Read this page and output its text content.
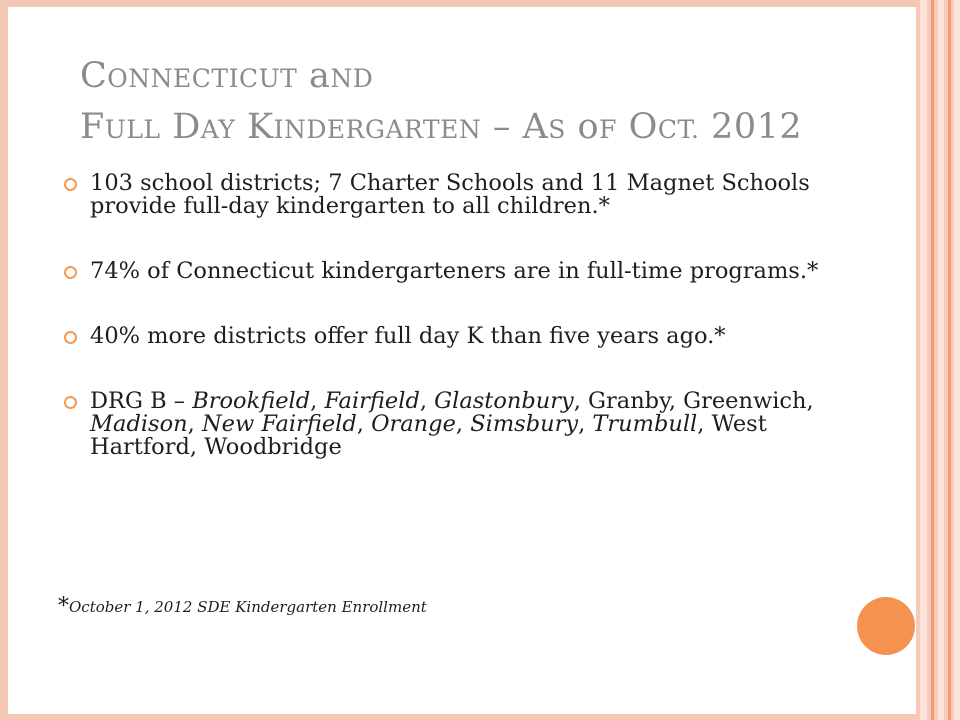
CONNECTICUT aND
FULL DAY KINDERGARTEN – AS oF OCT. 2012
103 school districts; 7 Charter Schools and 11 Magnet Schools provide full-day kindergarten to all children.*
74% of Connecticut kindergarteners are in full-time programs.*
40% more districts offer full day K than five years ago.*
DRG B – Brookfield, Fairfield, Glastonbury, Granby, Greenwich, Madison, New Fairfield, Orange, Simsbury, Trumbull, West Hartford, Woodbridge
*October 1, 2012 SDE Kindergarten Enrollment
